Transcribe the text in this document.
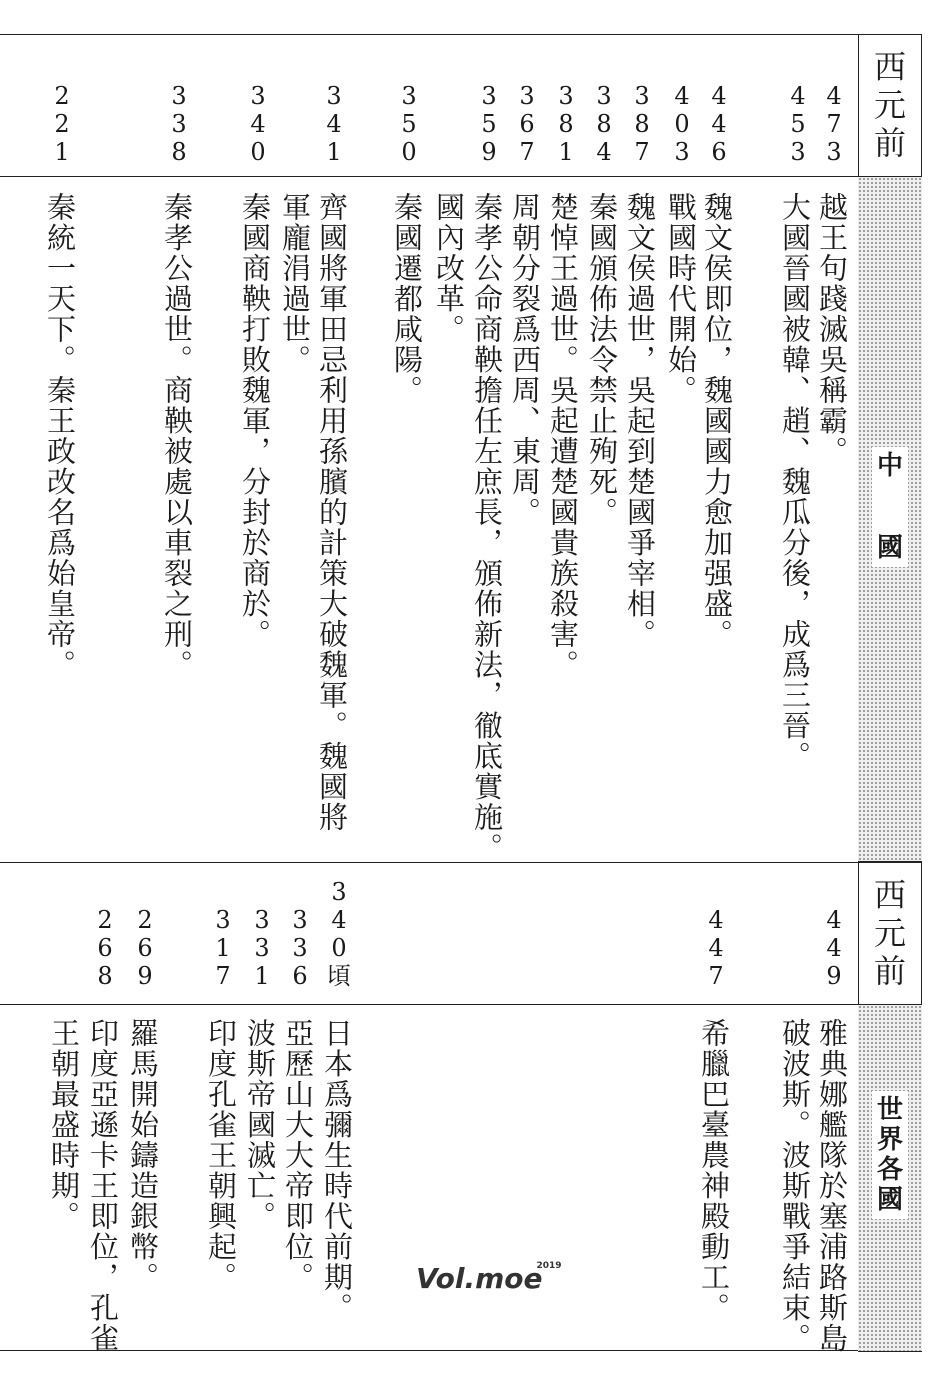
西
元
前
中
國
西
元
前
世
界
各
國
4
7
3
4
5
3
4
4
6
4
0
3
3
8
7
3
8
4
3
8
1
3
6
7
3
5
9
3
5
0
3
4
1
3
4
0
3
3
8
2
2
1
越王句踐滅吳稱霸。
大國晉國被韓、趙、魏瓜分後，成爲三晉。
魏文侯即位，魏國國力愈加强盛。
戰國時代開始。
魏文侯過世，吳起到楚國爭宰相。
秦國頒佈法令禁止殉死。
楚悼王過世。吳起遭楚國貴族殺害。
周朝分裂爲西周、東周。
秦孝公命商鞅擔任左庶長，頒佈新法，徹底實施。
國內改革。
秦國遷都咸陽。
齊國將軍田忌利用孫臏的計策大破魏軍。魏國將
軍龐涓過世。
秦國商鞅打敗魏軍，分封於商於。
秦孝公過世。商鞅被處以車裂之刑。
秦統一天下。秦王政改名爲始皇帝。
4
4
9
4
4
7
3
4
0
頃
3
3
6
3
3
1
3
1
7
2
6
9
2
6
8
雅典娜艦隊於塞浦路斯島
破波斯。波斯戰爭結束。
希臘巴臺農神殿動工。
日本爲彌生時代前期。
亞歷山大大帝即位。
波斯帝國滅亡。
印度孔雀王朝興起。
羅馬開始鑄造銀幣。
印度亞遜卡王即位，孔雀
王朝最盛時期。
Vol.moe$^{2019}$
